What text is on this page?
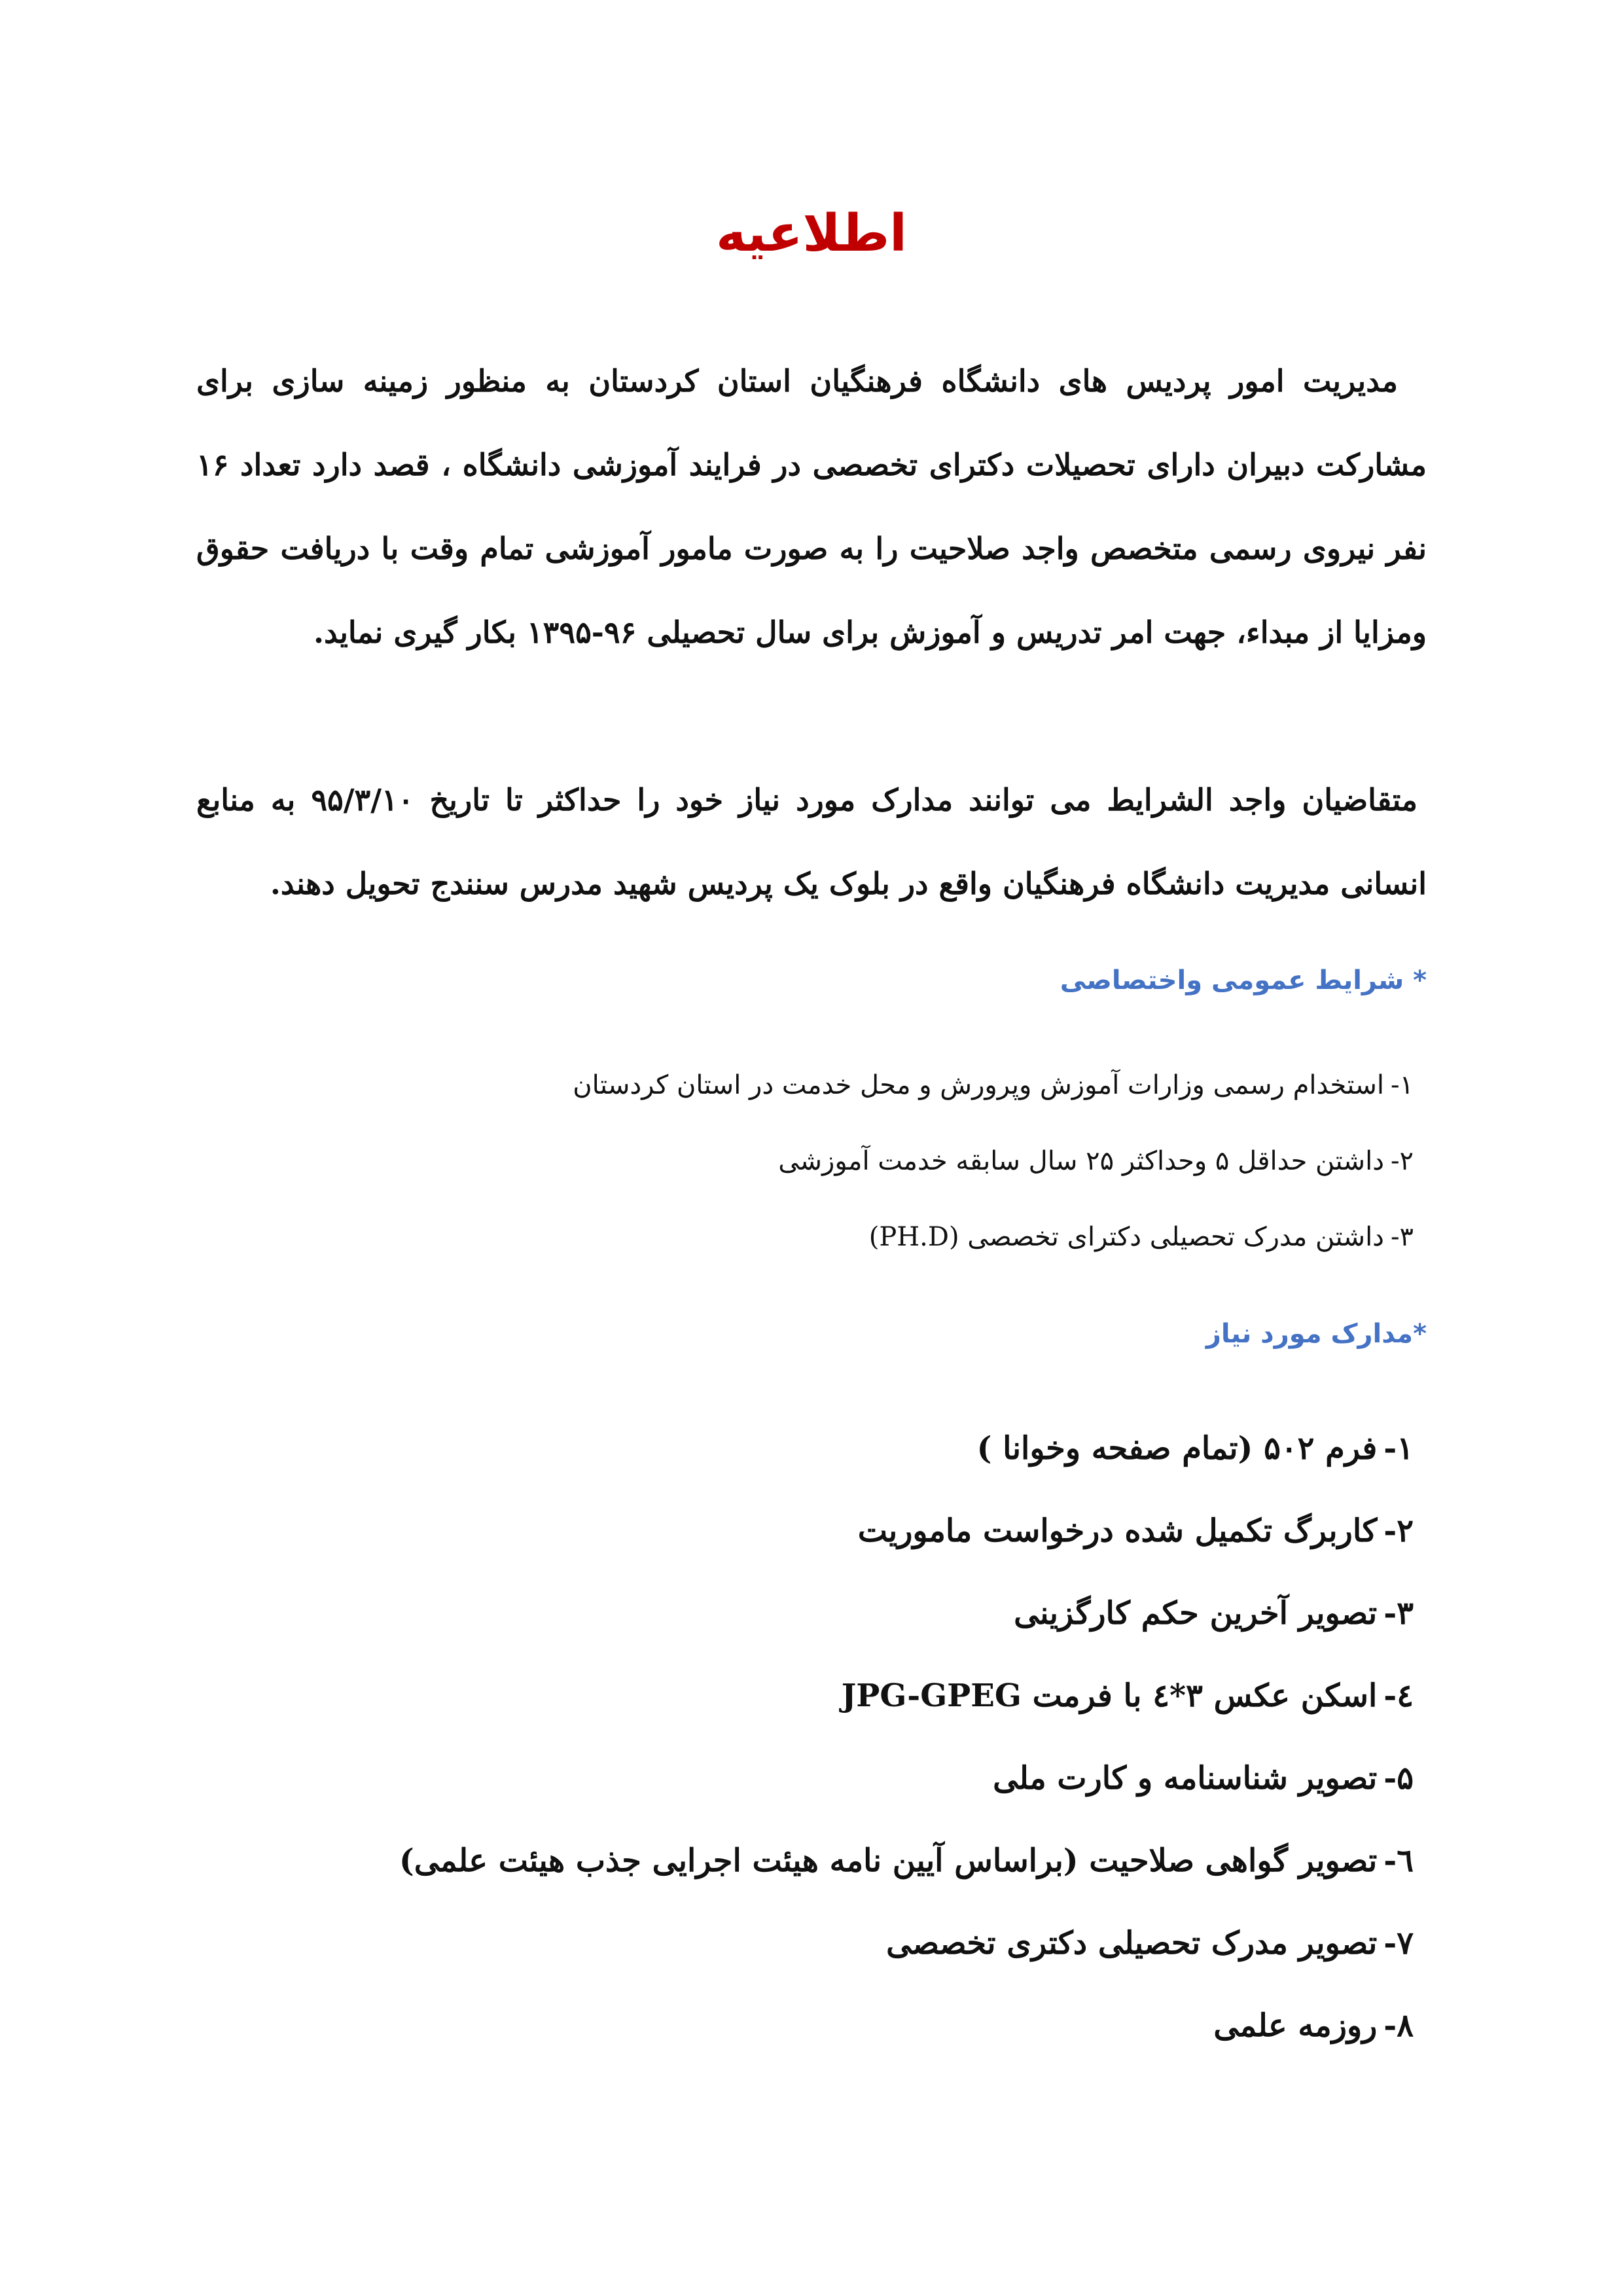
اطلاعیه

مدیریت امور پردیس های دانشگاه فرهنگیان استان کردستان به منظور زمینه سازی برای مشارکت دبیران دارای تحصیلات دکترای تخصصی در فرایند آموزشی دانشگاه ، قصد دارد تعداد ۱۶ نفر نیروی رسمی متخصص واجد صلاحیت را به صورت مامور آموزشی تمام وقت با دریافت حقوق ومزایا از مبداء، جهت امر تدریس و آموزش برای سال تحصیلی ۹۶-۱۳۹۵ بکار گیری نماید.

متقاضیان واجد الشرایط می توانند مدارک مورد نیاز خود را حداکثر تا تاریخ ۹۵/۳/۱۰ به منابع انسانی مدیریت دانشگاه فرهنگیان واقع در بلوک یک پردیس شهید مدرس سنندج تحویل دهند.

* شرایط عمومی واختصاصی
۱-استخدام رسمی وزارات آموزش وپرورش و محل خدمت در استان کردستان
۲-داشتن حداقل ۵ وحداکثر ۲۵ سال سابقه خدمت آموزشی
۳-داشتن مدرک تحصیلی دکترای تخصصی (PH.D)
*مدارک مورد نیاز
۱-فرم ۵۰۲ (تمام صفحه وخوانا )
۲-کاربرگ تکمیل شده درخواست ماموریت
۳-تصویر آخرین حکم کارگزینی
٤-اسکن عکس ۳*٤ با فرمت JPG-GPEG
۵-تصویر شناسنامه و کارت ملی
٦-تصویر گواهی صلاحیت (براساس آیین نامه هیئت اجرایی جذب هیئت علمی)
۷-تصویر مدرک تحصیلی دکتری تخصصی
۸-روزمه علمی
